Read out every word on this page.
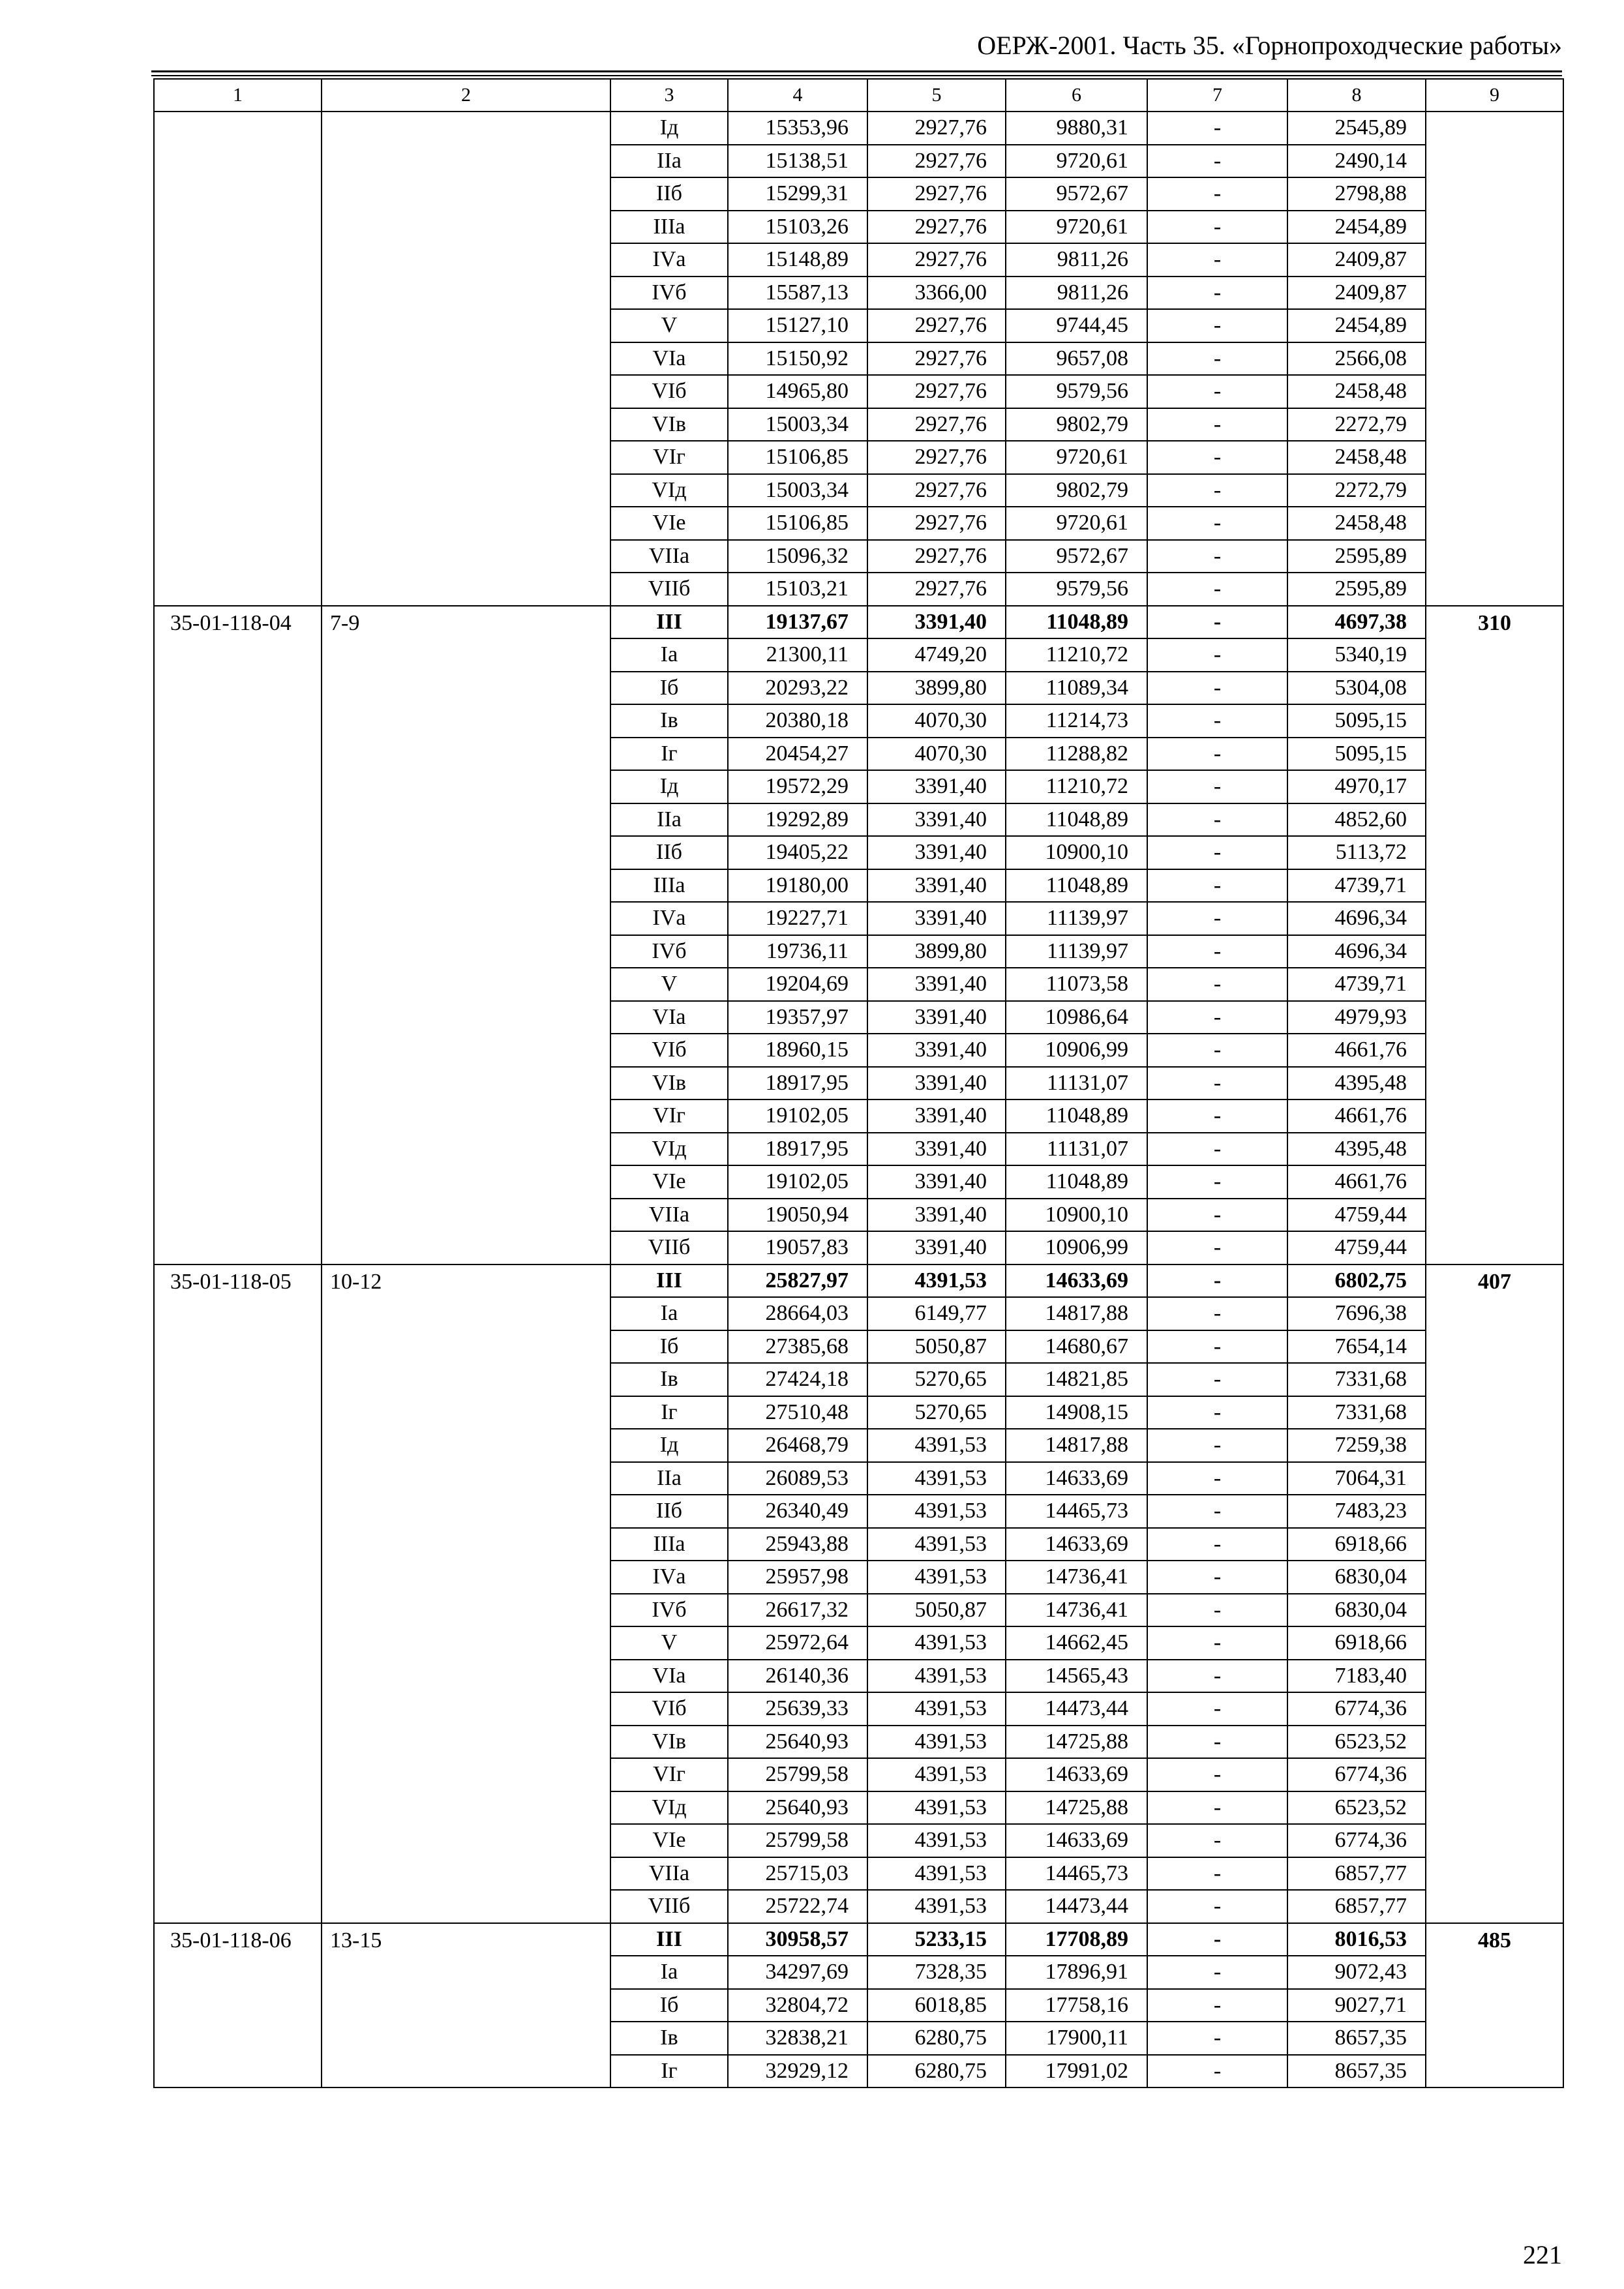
ОЕРЖ-2001. Часть 35. «Горнопроходческие работы»
1	2	3	4	5	6	7	8	9
		Iд	15353,96	2927,76	9880,31	-	2545,89	
		IIа	15138,51	2927,76	9720,61	-	2490,14	
		IIб	15299,31	2927,76	9572,67	-	2798,88	
		IIIа	15103,26	2927,76	9720,61	-	2454,89	
		IVа	15148,89	2927,76	9811,26	-	2409,87	
		IVб	15587,13	3366,00	9811,26	-	2409,87	
		V	15127,10	2927,76	9744,45	-	2454,89	
		VIа	15150,92	2927,76	9657,08	-	2566,08	
		VIб	14965,80	2927,76	9579,56	-	2458,48	
		VIв	15003,34	2927,76	9802,79	-	2272,79	
		VIг	15106,85	2927,76	9720,61	-	2458,48	
		VIд	15003,34	2927,76	9802,79	-	2272,79	
		VIе	15106,85	2927,76	9720,61	-	2458,48	
		VIIа	15096,32	2927,76	9572,67	-	2595,89	
		VIIб	15103,21	2927,76	9579,56	-	2595,89	
35-01-118-04	7-9	III	19137,67	3391,40	11048,89	-	4697,38	310
		Iа	21300,11	4749,20	11210,72	-	5340,19	
		Iб	20293,22	3899,80	11089,34	-	5304,08	
		Iв	20380,18	4070,30	11214,73	-	5095,15	
		Iг	20454,27	4070,30	11288,82	-	5095,15	
		Iд	19572,29	3391,40	11210,72	-	4970,17	
		IIа	19292,89	3391,40	11048,89	-	4852,60	
		IIб	19405,22	3391,40	10900,10	-	5113,72	
		IIIа	19180,00	3391,40	11048,89	-	4739,71	
		IVа	19227,71	3391,40	11139,97	-	4696,34	
		IVб	19736,11	3899,80	11139,97	-	4696,34	
		V	19204,69	3391,40	11073,58	-	4739,71	
		VIа	19357,97	3391,40	10986,64	-	4979,93	
		VIб	18960,15	3391,40	10906,99	-	4661,76	
		VIв	18917,95	3391,40	11131,07	-	4395,48	
		VIг	19102,05	3391,40	11048,89	-	4661,76	
		VIд	18917,95	3391,40	11131,07	-	4395,48	
		VIе	19102,05	3391,40	11048,89	-	4661,76	
		VIIа	19050,94	3391,40	10900,10	-	4759,44	
		VIIб	19057,83	3391,40	10906,99	-	4759,44	
35-01-118-05	10-12	III	25827,97	4391,53	14633,69	-	6802,75	407
		Iа	28664,03	6149,77	14817,88	-	7696,38	
		Iб	27385,68	5050,87	14680,67	-	7654,14	
		Iв	27424,18	5270,65	14821,85	-	7331,68	
		Iг	27510,48	5270,65	14908,15	-	7331,68	
		Iд	26468,79	4391,53	14817,88	-	7259,38	
		IIа	26089,53	4391,53	14633,69	-	7064,31	
		IIб	26340,49	4391,53	14465,73	-	7483,23	
		IIIа	25943,88	4391,53	14633,69	-	6918,66	
		IVа	25957,98	4391,53	14736,41	-	6830,04	
		IVб	26617,32	5050,87	14736,41	-	6830,04	
		V	25972,64	4391,53	14662,45	-	6918,66	
		VIа	26140,36	4391,53	14565,43	-	7183,40	
		VIб	25639,33	4391,53	14473,44	-	6774,36	
		VIв	25640,93	4391,53	14725,88	-	6523,52	
		VIг	25799,58	4391,53	14633,69	-	6774,36	
		VIд	25640,93	4391,53	14725,88	-	6523,52	
		VIе	25799,58	4391,53	14633,69	-	6774,36	
		VIIа	25715,03	4391,53	14465,73	-	6857,77	
		VIIб	25722,74	4391,53	14473,44	-	6857,77	
35-01-118-06	13-15	III	30958,57	5233,15	17708,89	-	8016,53	485
		Iа	34297,69	7328,35	17896,91	-	9072,43	
		Iб	32804,72	6018,85	17758,16	-	9027,71	
		Iв	32838,21	6280,75	17900,11	-	8657,35	
		Iг	32929,12	6280,75	17991,02	-	8657,35	
221
